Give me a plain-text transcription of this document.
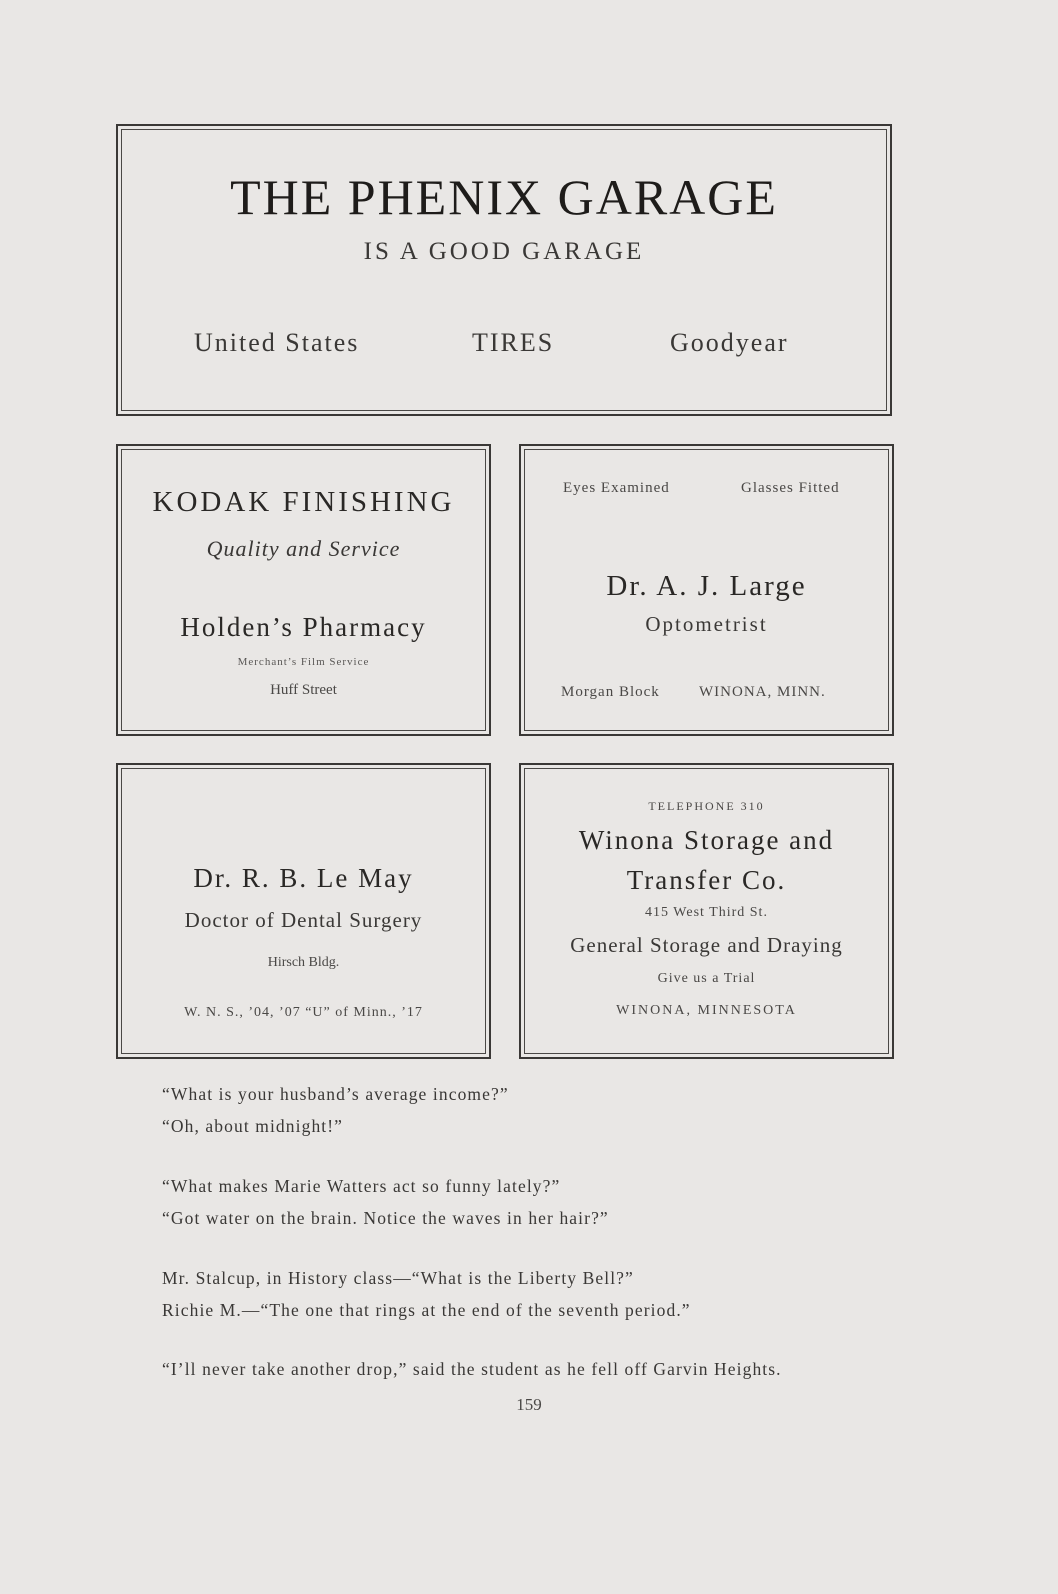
THE PHENIX GARAGE
IS A GOOD GARAGE
United States	TIRES	Goodyear
KODAK FINISHING
Quality and Service
Holden’s Pharmacy
Merchant’s Film Service
Huff Street
Eyes Examined	Glasses Fitted
Dr. A. J. Large
Optometrist
Morgan Block	WINONA, MINN.
Dr. R. B. Le May
Doctor of Dental Surgery
Hirsch Bldg.
W. N. S., ’04, ’07 “U” of Minn., ’17
TELEPHONE 310
Winona Storage and
Transfer Co.
415 West Third St.
General Storage and Draying
Give us a Trial
WINONA, MINNESOTA
“What is your husband’s average income?”
“Oh, about midnight!”
“What makes Marie Watters act so funny lately?”
“Got water on the brain. Notice the waves in her hair?”
Mr. Stalcup, in History class—“What is the Liberty Bell?”
Richie M.—“The one that rings at the end of the seventh period.”
“I’ll never take another drop,” said the student as he fell off Garvin Heights.
159
